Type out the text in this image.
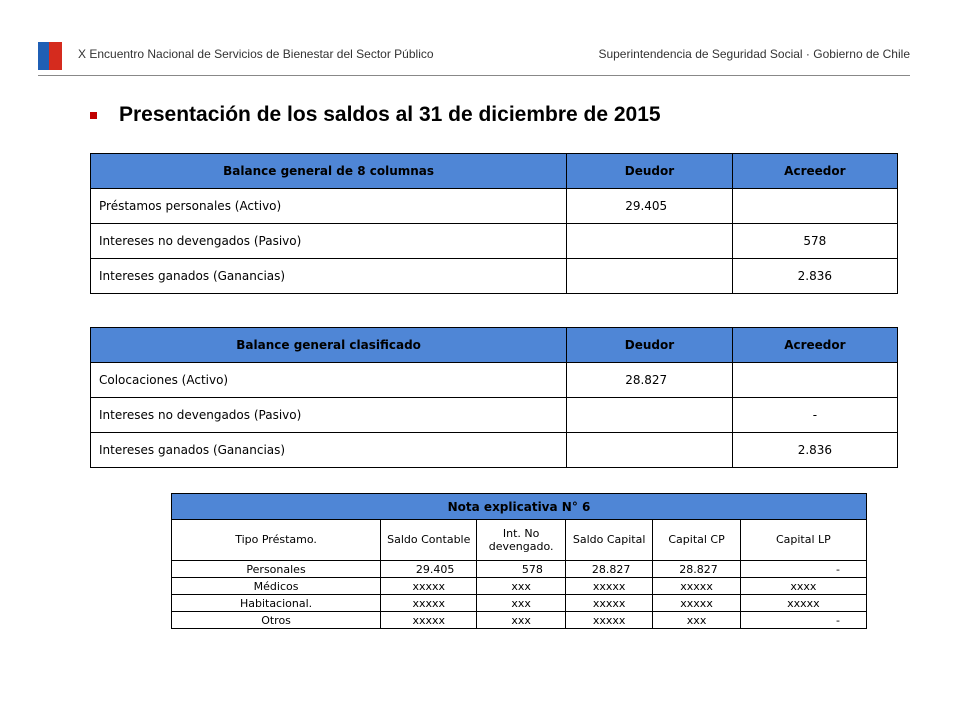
X Encuentro Nacional de Servicios de Bienestar del Sector Público	Superintendencia de Seguridad Social · Gobierno de Chile
Presentación de los saldos al 31 de diciembre de 2015
Balance general de 8 columnas	Deudor	Acreedor
Préstamos personales (Activo)	29.405	
Intereses no devengados (Pasivo)		578
Intereses ganados (Ganancias)		2.836
Balance general clasificado	Deudor	Acreedor
Colocaciones (Activo)	28.827	
Intereses no devengados (Pasivo)		-
Intereses ganados (Ganancias)		2.836
Nota explicativa N° 6					
Tipo Préstamo.	Saldo Contable	Int. No devengado.	Saldo Capital	Capital CP	Capital LP
Personales	29.405	578	28.827	28.827	-
Médicos	xxxxx	xxx	xxxxx	xxxxx	xxxx
Habitacional.	xxxxx	xxx	xxxxx	xxxxx	xxxxx
Otros	xxxxx	xxx	xxxxx	xxx	-
